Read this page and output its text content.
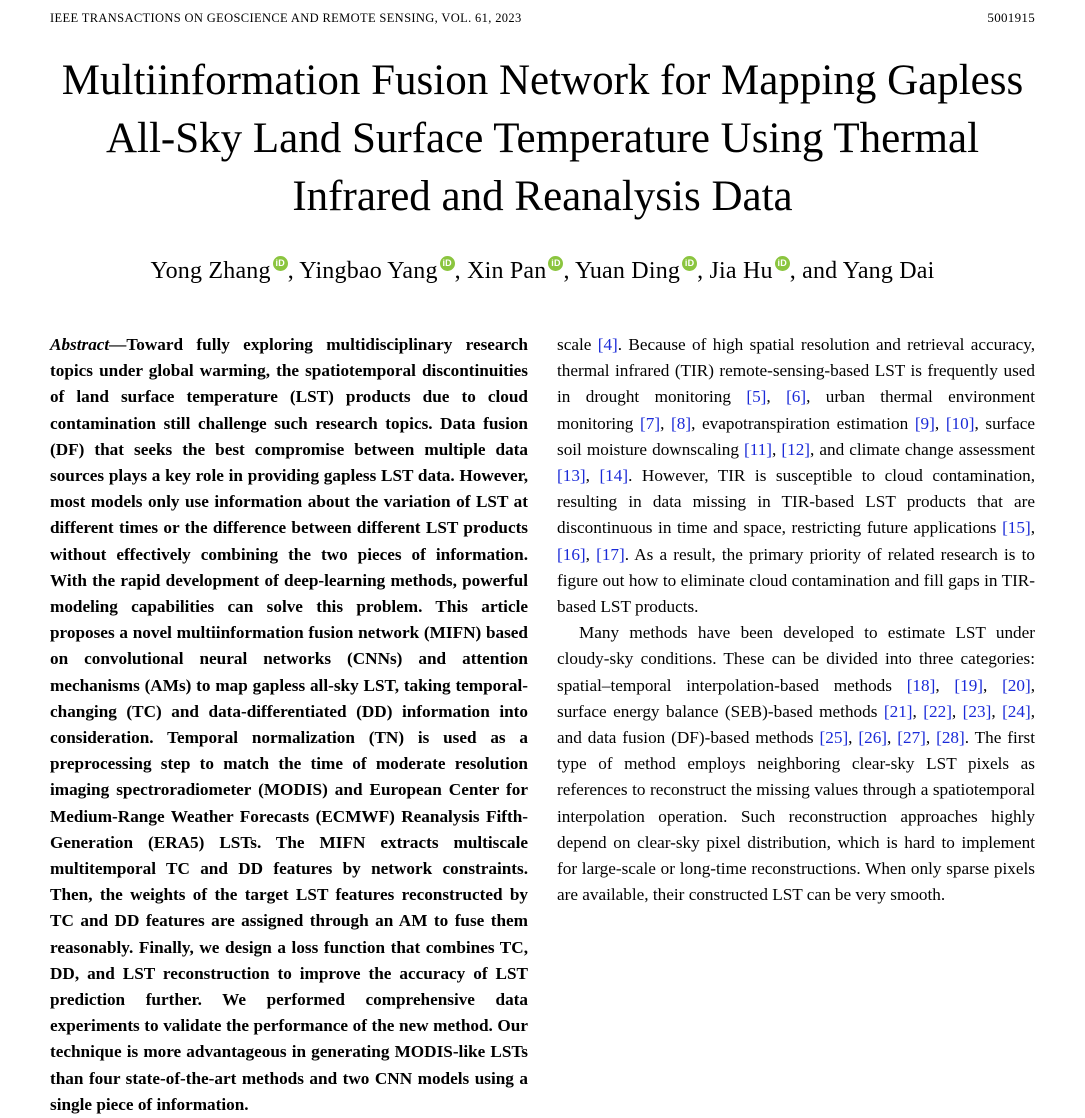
IEEE TRANSACTIONS ON GEOSCIENCE AND REMOTE SENSING, VOL. 61, 2023	5001915
Multiinformation Fusion Network for Mapping Gapless All-Sky Land Surface Temperature Using Thermal Infrared and Reanalysis Data
Yong Zhang iD , Yingbao Yang iD , Xin Pan iD , Yuan Ding iD , Jia Hu iD , and Yang Dai

Abstract—Toward fully exploring multidisciplinary research topics under global warming, the spatiotemporal discontinuities of land surface temperature (LST) products due to cloud contamination still challenge such research topics. Data fusion (DF) that seeks the best compromise between multiple data sources plays a key role in providing gapless LST data. However, most models only use information about the variation of LST at different times or the difference between different LST products without effectively combining the two pieces of information. With the rapid development of deep-learning methods, powerful modeling capabilities can solve this problem. This article proposes a novel multiinformation fusion network (MIFN) based on convolutional neural networks (CNNs) and attention mechanisms (AMs) to map gapless all-sky LST, taking temporal-changing (TC) and data-differentiated (DD) information into consideration. Temporal normalization (TN) is used as a preprocessing step to match the time of moderate resolution imaging spectroradiometer (MODIS) and European Center for Medium-Range Weather Forecasts (ECMWF) Reanalysis Fifth-Generation (ERA5) LSTs. The MIFN extracts multiscale multitemporal TC and DD features by network constraints. Then, the weights of the target LST features reconstructed by TC and DD features are assigned through an AM to fuse them reasonably. Finally, we design a loss function that combines TC, DD, and LST reconstruction to improve the accuracy of LST prediction further. We performed comprehensive data experiments to validate the performance of the new method. Our technique is more advantageous in generating MODIS-like LSTs than four state-of-the-art methods and two CNN models using a single piece of information.

scale [4]. Because of high spatial resolution and retrieval accuracy, thermal infrared (TIR) remote-sensing-based LST is frequently used in drought monitoring [5], [6], urban thermal environment monitoring [7], [8], evapotranspiration estimation [9], [10], surface soil moisture downscaling [11], [12], and climate change assessment [13], [14]. However, TIR is susceptible to cloud contamination, resulting in data missing in TIR-based LST products that are discontinuous in time and space, restricting future applications [15], [16], [17]. As a result, the primary priority of related research is to figure out how to eliminate cloud contamination and fill gaps in TIR-based LST products.

Many methods have been developed to estimate LST under cloudy-sky conditions. These can be divided into three categories: spatial–temporal interpolation-based methods [18], [19], [20], surface energy balance (SEB)-based methods [21], [22], [23], [24], and data fusion (DF)-based methods [25], [26], [27], [28]. The first type of method employs neighboring clear-sky LST pixels as references to reconstruct the missing values through a spatiotemporal interpolation operation. Such reconstruction approaches highly depend on clear-sky pixel distribution, which is hard to implement for large-scale or long-time reconstructions. When only sparse pixels are available, their constructed LST can be very smooth.
